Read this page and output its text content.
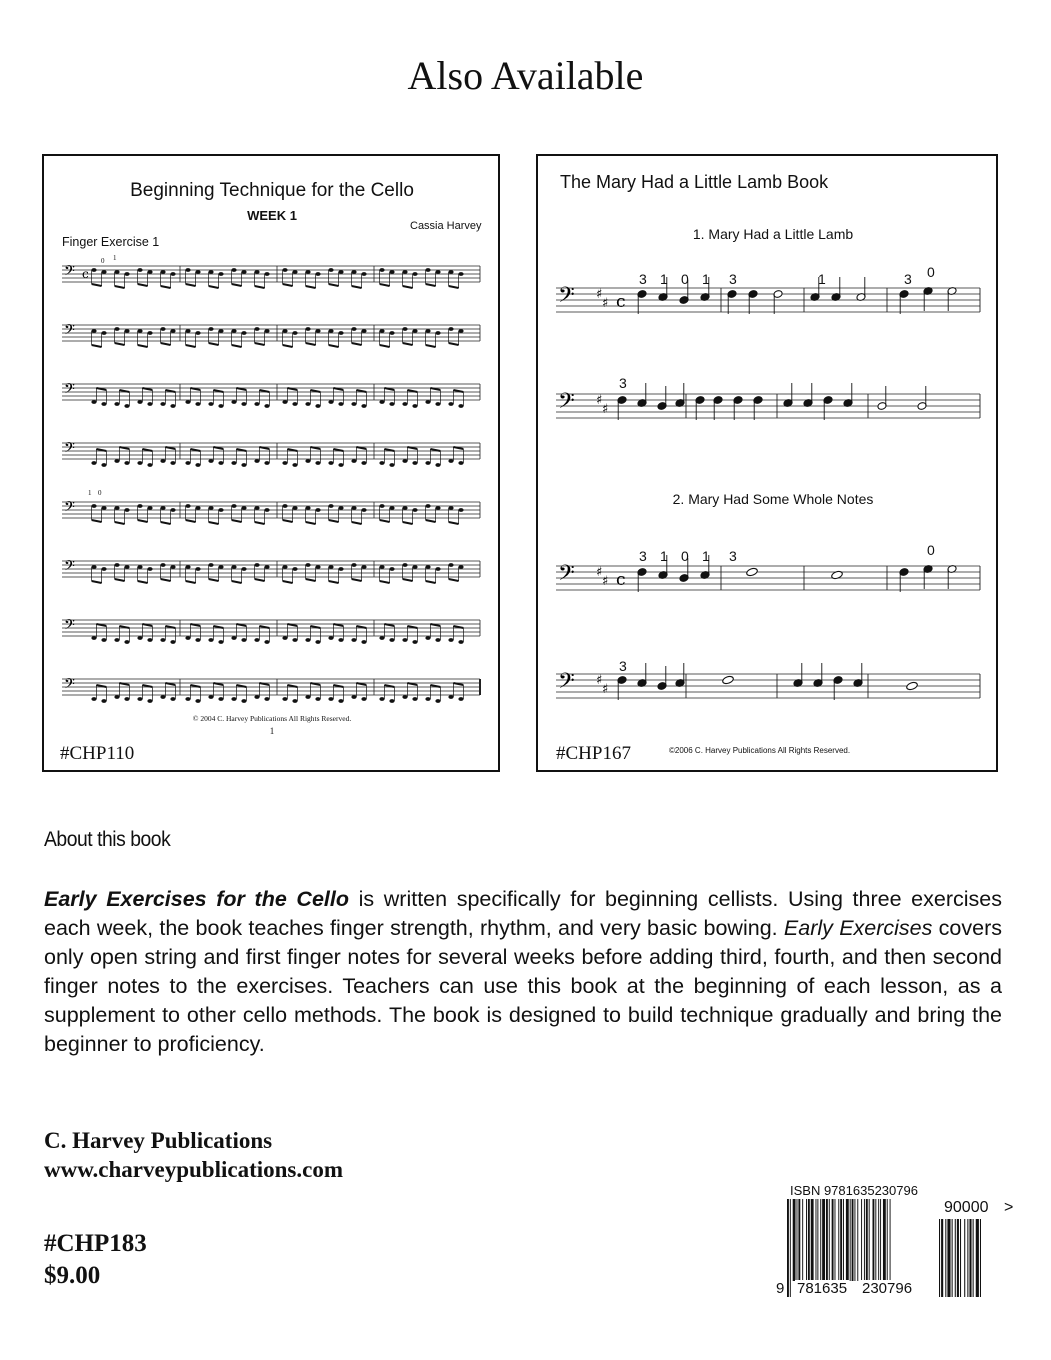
Also Available
Beginning Technique for the Cello
WEEK 1
Cassia Harvey
Finger Exercise 1
𝄢 c
𝄢
𝄢
𝄢
𝄢
𝄢
𝄢
𝄢
0 1
1 0
© 2004 C. Harvey Publications All Rights Reserved.
1
#CHP110
The Mary Had a Little Lamb Book
1. Mary Had a Little Lamb
2. Mary Had Some Whole Notes
3 1 0 1 3	1	3 0
3
3 1 0 1 3	0
3
𝄢 ♯
♯ c
𝄢 ♯
♯
𝄢 ♯
♯ c
𝄢 ♯
♯
#CHP167	©2006 C. Harvey Publications All Rights Reserved.
About this book
Early Exercises for the Cello is written specifically for beginning cellists. Using three exercises each week, the book teaches finger strength, rhythm, and very basic bowing. Early Exercises covers only open string and first finger notes for several weeks before adding third, fourth, and then second finger notes to the exercises. Teachers can use this book at the beginning of each lesson, as a supplement to other cello methods. The book is designed to build technique gradually and bring the beginner to proficiency.
C. Harvey Publications
www.charveypublications.com
#CHP183
$9.00
ISBN 9781635230796
9 781635 230796
90000 >
